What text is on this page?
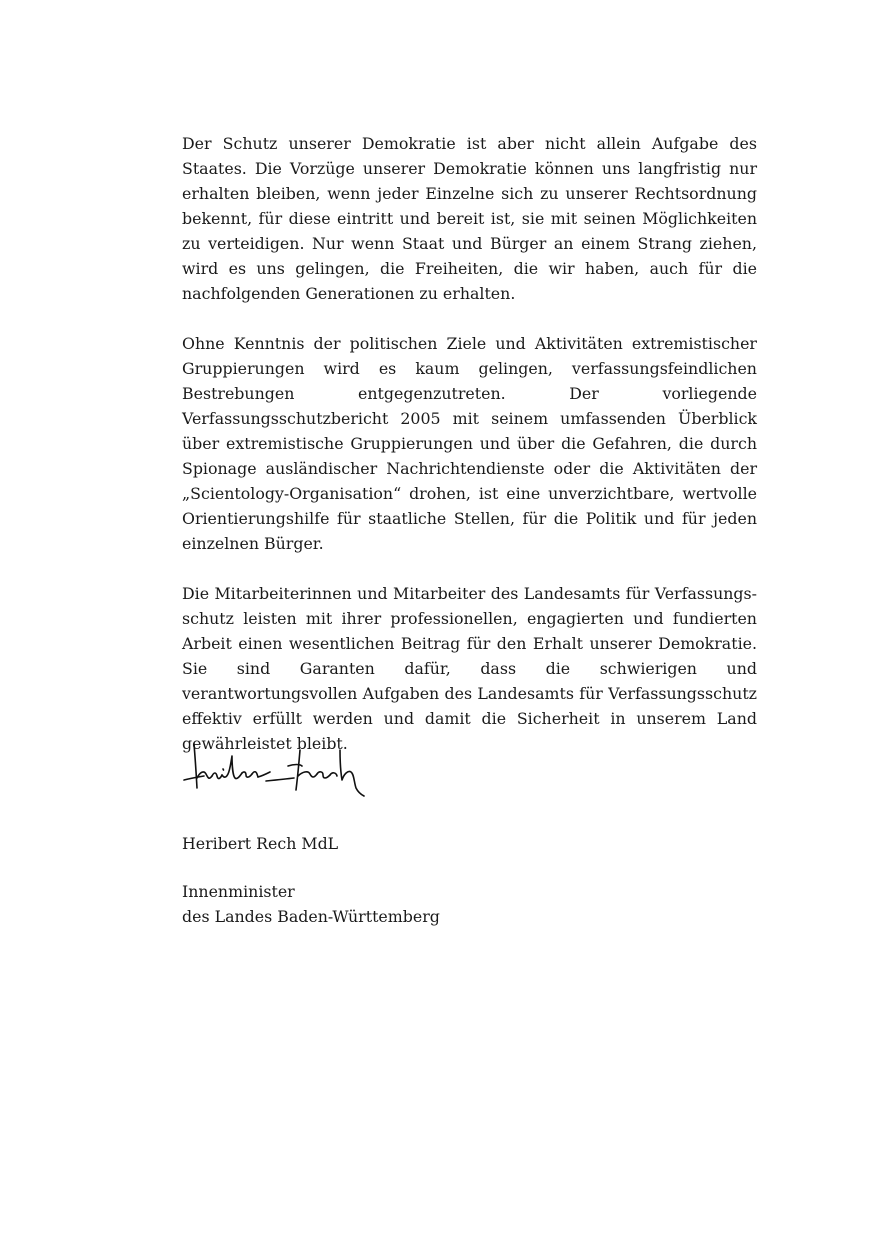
Der Schutz unserer Demokratie ist aber nicht allein Aufgabe des Staates. Die Vorzüge unserer Demokratie können uns langfristig nur erhalten bleiben, wenn jeder Einzelne sich zu unserer Rechtsordnung bekennt, für diese eintritt und bereit ist, sie mit seinen Möglichkeiten zu verteidigen. Nur wenn Staat und Bürger an einem Strang ziehen, wird es uns gelingen, die Freiheiten, die wir haben, auch für die nachfolgenden Generationen zu erhalten.

Ohne Kenntnis der politischen Ziele und Aktivitäten extremistischer Gruppierungen wird es kaum gelingen, verfassungsfeindlichen Bestrebungen entgegenzutreten. Der vorliegende Verfassungsschutzbericht 2005 mit seinem umfassenden Überblick über extremistische Gruppierungen und über die Gefahren, die durch Spionage ausländischer Nachrichtendienste oder die Aktivitäten der „Scientology-Organisation“ drohen, ist eine unverzichtbare, wertvolle Orientierungshilfe für staatliche Stellen, für die Politik und für jeden einzelnen Bürger.

Die Mitarbeiterinnen und Mitarbeiter des Landesamts für Verfassungsschutz leisten mit ihrer professionellen, engagierten und fundierten Arbeit einen wesentlichen Beitrag für den Erhalt unserer Demokratie. Sie sind Garanten dafür, dass die schwierigen und verantwortungsvollen Aufgaben des Landesamts für Verfassungsschutz effektiv erfüllt werden und damit die Sicherheit in unserem Land gewährleistet bleibt.

Heribert Rech MdL
Innenminister
des Landes Baden-Württemberg
